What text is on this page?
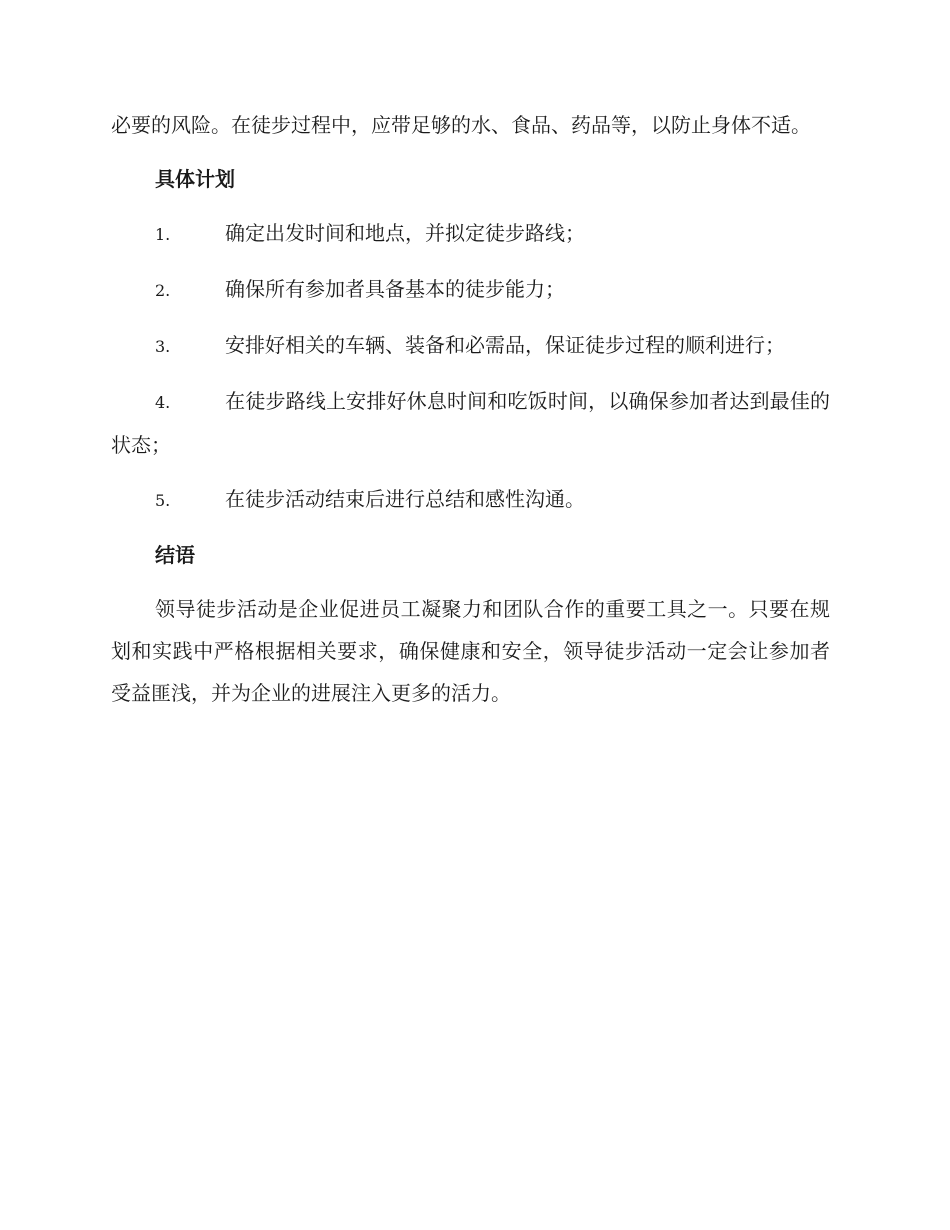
必要的风险。在徒步过程中，应带足够的水、食品、药品等，以防止身体不适。

具体计划
1.	确定出发时间和地点，并拟定徒步路线；
2.	确保所有参加者具备基本的徒步能力；
3.	安排好相关的车辆、装备和必需品，保证徒步过程的顺利进行；
4.	在徒步路线上安排好休息时间和吃饭时间，以确保参加者达到最佳的状态；
5.	在徒步活动结束后进行总结和感性沟通。
结语

领导徒步活动是企业促进员工凝聚力和团队合作的重要工具之一。只要在规划和实践中严格根据相关要求，确保健康和安全，领导徒步活动一定会让参加者受益匪浅，并为企业的进展注入更多的活力。
